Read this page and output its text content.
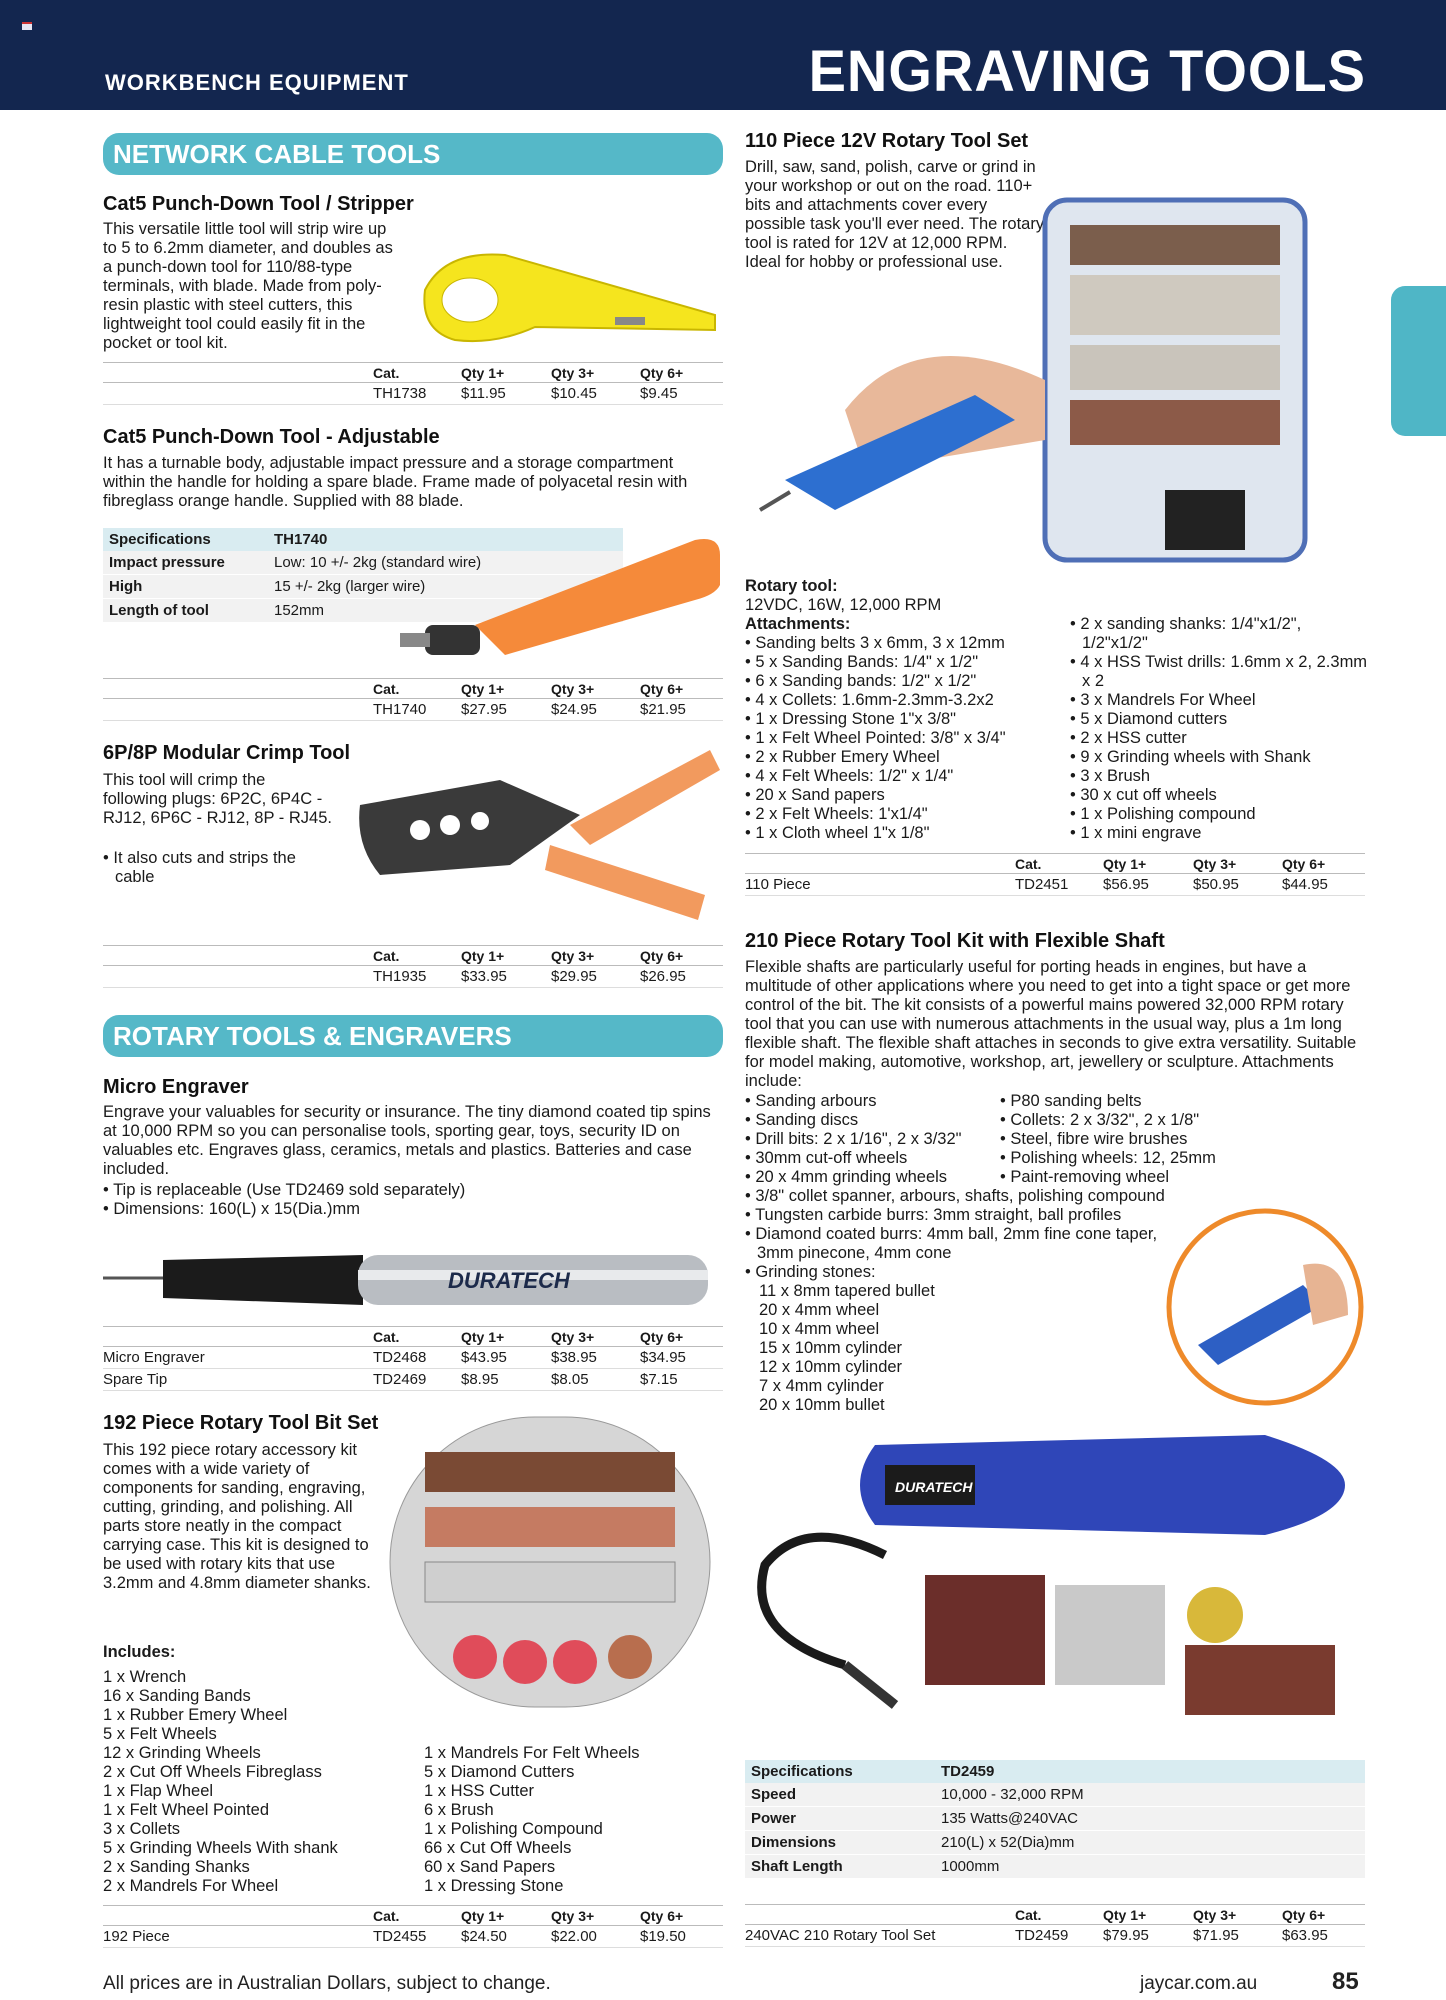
WORKBENCH EQUIPMENT	ENGRAVING TOOLS
NETWORK CABLE TOOLS
Cat5 Punch-Down Tool / Stripper
This versatile little tool will strip wire up to 5 to 6.2mm diameter, and doubles as a punch-down tool for 110/88-type terminals, with blade. Made from poly-resin plastic with steel cutters, this lightweight tool could easily fit in the pocket or tool kit.
	Cat.	Qty 1+	Qty 3+	Qty 6+
	TH1738	$11.95	$10.45	$9.45
Cat5 Punch-Down Tool - Adjustable
It has a turnable body, adjustable impact pressure and a storage compartment within the handle for holding a spare blade. Frame made of polyacetal resin with fibreglass orange handle. Supplied with 88 blade.
Specifications	TH1740
Impact pressure	Low: 10 +/- 2kg (standard wire)
High	15 +/- 2kg (larger wire)
Length of tool	152mm
	Cat.	Qty 1+	Qty 3+	Qty 6+
	TH1740	$27.95	$24.95	$21.95
6P/8P Modular Crimp Tool
This tool will crimp the following plugs: 6P2C, 6P4C - RJ12, 6P6C - RJ12, 8P - RJ45.
• It also cuts and strips the cable
	Cat.	Qty 1+	Qty 3+	Qty 6+
	TH1935	$33.95	$29.95	$26.95
ROTARY TOOLS & ENGRAVERS
Micro Engraver
Engrave your valuables for security or insurance. The tiny diamond coated tip spins at 10,000 RPM so you can personalise tools, sporting gear, toys, security ID on valuables etc. Engraves glass, ceramics, metals and plastics. Batteries and case included.
• Tip is replaceable (Use TD2469 sold separately)
• Dimensions: 160(L) x 15(Dia.)mm
DURATECH
	Cat.	Qty 1+	Qty 3+	Qty 6+
Micro Engraver	TD2468	$43.95	$38.95	$34.95
Spare Tip	TD2469	$8.95	$8.05	$7.15
192 Piece Rotary Tool Bit Set
This 192 piece rotary accessory kit comes with a wide variety of components for sanding, engraving, cutting, grinding, and polishing. All parts store neatly in the compact carrying case. This kit is designed to be used with rotary kits that use 3.2mm and 4.8mm diameter shanks.
Includes:
1 x Wrench
16 x Sanding Bands
1 x Rubber Emery Wheel
5 x Felt Wheels
12 x Grinding Wheels
2 x Cut Off Wheels Fibreglass
1 x Flap Wheel
1 x Felt Wheel Pointed
3 x Collets
5 x Grinding Wheels With shank
2 x Sanding Shanks
2 x Mandrels For Wheel
1 x Mandrels For Felt Wheels
5 x Diamond Cutters
1 x HSS Cutter
6 x Brush
1 x Polishing Compound
66 x Cut Off Wheels
60 x Sand Papers
1 x Dressing Stone
	Cat.	Qty 1+	Qty 3+	Qty 6+
192 Piece	TD2455	$24.50	$22.00	$19.50
110 Piece 12V Rotary Tool Set
Drill, saw, sand, polish, carve or grind in your workshop or out on the road. 110+ bits and attachments cover every possible task you'll ever need. The rotary tool is rated for 12V at 12,000 RPM. Ideal for hobby or professional use.
Rotary tool:
12VDC, 16W, 12,000 RPM
Attachments:
• Sanding belts 3 x 6mm, 3 x 12mm
• 5 x Sanding Bands: 1/4" x 1/2"
• 6 x Sanding bands: 1/2" x 1/2"
• 4 x Collets: 1.6mm-2.3mm-3.2x2
• 1 x Dressing Stone 1"x 3/8"
• 1 x Felt Wheel Pointed: 3/8" x 3/4"
• 2 x Rubber Emery Wheel
• 4 x Felt Wheels: 1/2" x 1/4"
• 20 x Sand papers
• 2 x Felt Wheels: 1'x1/4"
• 1 x Cloth wheel 1"x 1/8"
• 2 x sanding shanks: 1/4"x1/2", 1/2"x1/2"
• 4 x HSS Twist drills: 1.6mm x 2, 2.3mm x 2
• 3 x Mandrels For Wheel
• 5 x Diamond cutters
• 2 x HSS cutter
• 9 x Grinding wheels with Shank
• 3 x Brush
• 30 x cut off wheels
• 1 x Polishing compound
• 1 x mini engrave
	Cat.	Qty 1+	Qty 3+	Qty 6+
110 Piece	TD2451	$56.95	$50.95	$44.95
210 Piece Rotary Tool Kit with Flexible Shaft
Flexible shafts are particularly useful for porting heads in engines, but have a multitude of other applications where you need to get into a tight space or get more control of the bit. The kit consists of a powerful mains powered 32,000 RPM rotary tool that you can use with numerous attachments in the usual way, plus a 1m long flexible shaft. The flexible shaft attaches in seconds to give extra versatility. Suitable for model making, automotive, workshop, art, jewellery or sculpture. Attachments include:
• Sanding arbours	• P80 sanding belts
• Sanding discs	• Collets: 2 x 3/32", 2 x 1/8"
• Drill bits: 2 x 1/16", 2 x 3/32" • Steel, fibre wire brushes
• 30mm cut-off wheels	• Polishing wheels: 12, 25mm
• 20 x 4mm grinding wheels	• Paint-removing wheel
• 3/8" collet spanner, arbours, shafts, polishing compound
• Tungsten carbide burrs: 3mm straight, ball profiles
• Diamond coated burrs: 4mm ball, 2mm fine cone taper, 3mm pinecone, 4mm cone
• Grinding stones:
11 x 8mm tapered bullet
20 x 4mm wheel
10 x 4mm wheel
15 x 10mm cylinder
12 x 10mm cylinder
7 x 4mm cylinder
20 x 10mm bullet
DURATECH
Specifications	TD2459
Speed	10,000 - 32,000 RPM
Power	135 Watts@240VAC
Dimensions	210(L) x 52(Dia)mm
Shaft Length	1000mm
	Cat.	Qty 1+	Qty 3+	Qty 6+
240VAC 210 Rotary Tool Set	TD2459	$79.95	$71.95	$63.95
All prices are in Australian Dollars, subject to change.	jaycar.com.au	85
